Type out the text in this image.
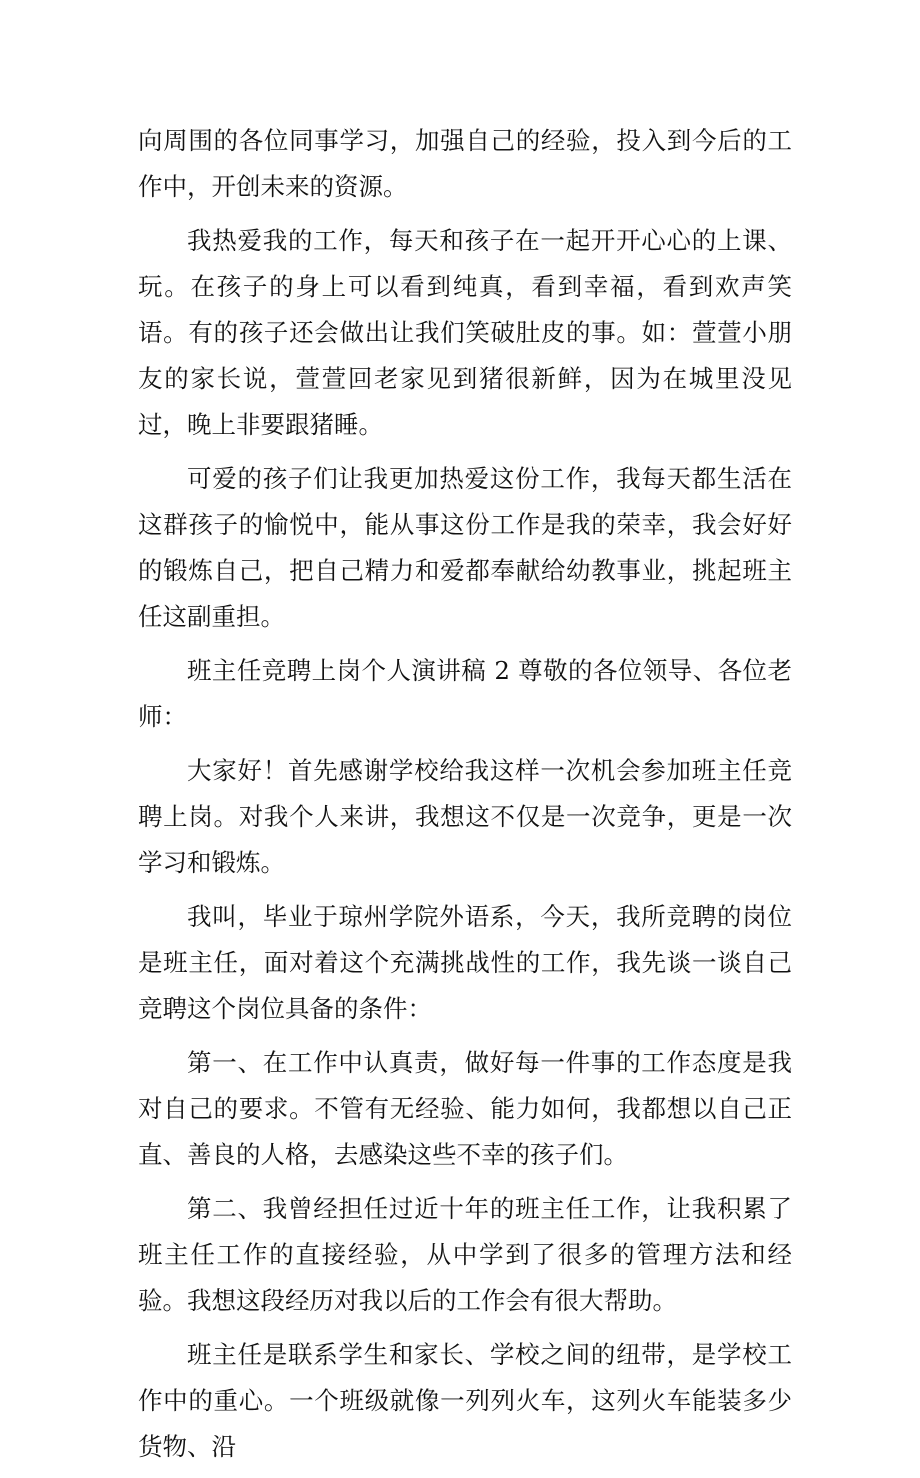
向周围的各位同事学习，加强自己的经验，投入到今后的工作中，开创未来的资源。

我热爱我的工作，每天和孩子在一起开开心心的上课、玩。在孩子的身上可以看到纯真，看到幸福，看到欢声笑语。有的孩子还会做出让我们笑破肚皮的事。如：萱萱小朋友的家长说，萱萱回老家见到猪很新鲜，因为在城里没见过，晚上非要跟猪睡。

可爱的孩子们让我更加热爱这份工作，我每天都生活在这群孩子的愉悦中，能从事这份工作是我的荣幸，我会好好的锻炼自己，把自己精力和爱都奉献给幼教事业，挑起班主任这副重担。

班主任竞聘上岗个人演讲稿 2 尊敬的各位领导、各位老师：

大家好！首先感谢学校给我这样一次机会参加班主任竞聘上岗。对我个人来讲，我想这不仅是一次竞争，更是一次学习和锻炼。

我叫，毕业于琼州学院外语系，今天，我所竞聘的岗位是班主任，面对着这个充满挑战性的工作，我先谈一谈自己竞聘这个岗位具备的条件：

第一、在工作中认真责，做好每一件事的工作态度是我对自己的要求。不管有无经验、能力如何，我都想以自己正直、善良的人格，去感染这些不幸的孩子们。

第二、我曾经担任过近十年的班主任工作，让我积累了班主任工作的直接经验，从中学到了很多的管理方法和经验。我想这段经历对我以后的工作会有很大帮助。

班主任是联系学生和家长、学校之间的纽带，是学校工作中的重心。一个班级就像一列列火车，这列火车能装多少货物、沿
